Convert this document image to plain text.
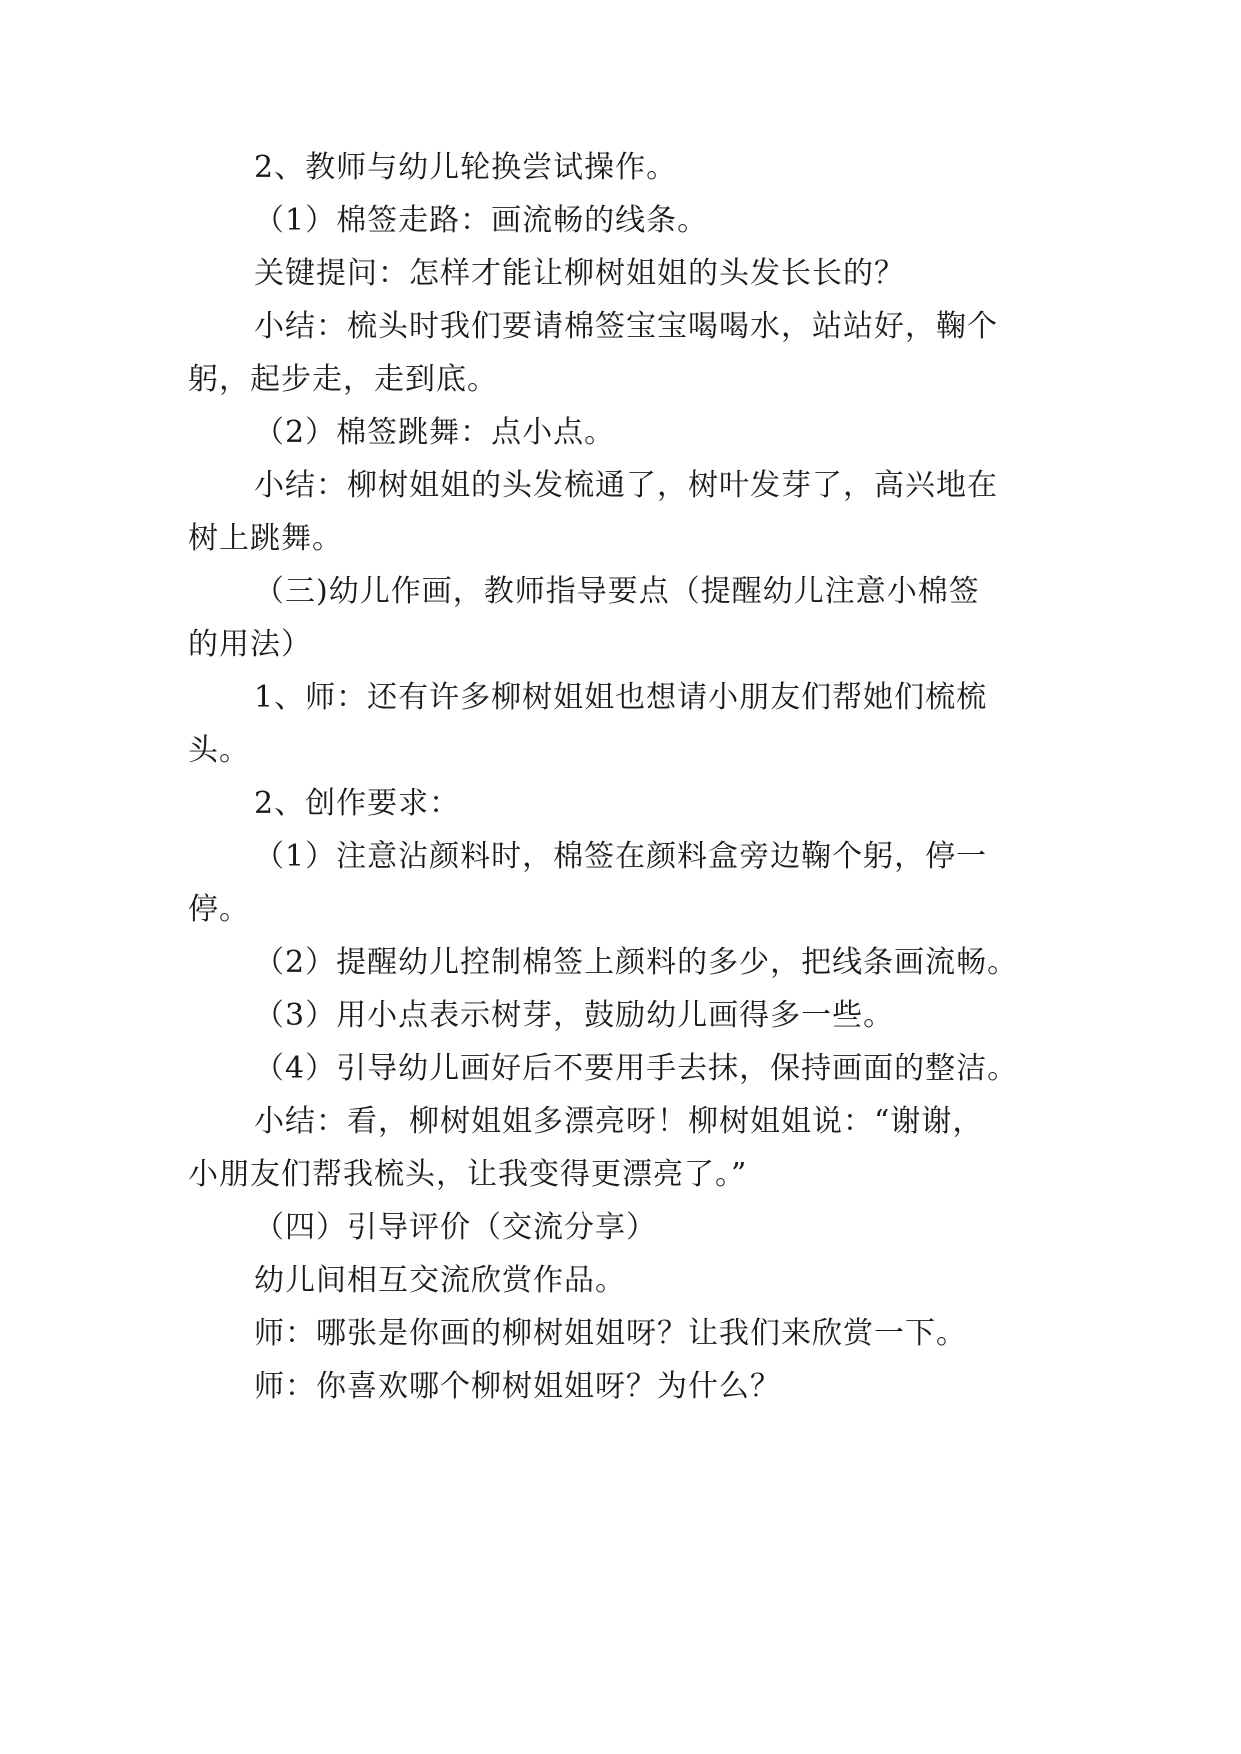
2、教师与幼儿轮换尝试操作。
（1）棉签走路：画流畅的线条。
关键提问：怎样才能让柳树姐姐的头发长长的？
小结：梳头时我们要请棉签宝宝喝喝水，站站好，鞠个
躬，起步走，走到底。
（2）棉签跳舞：点小点。
小结：柳树姐姐的头发梳通了，树叶发芽了，高兴地在
树上跳舞。
（三)幼儿作画，教师指导要点（提醒幼儿注意小棉签
的用法）
1、师：还有许多柳树姐姐也想请小朋友们帮她们梳梳
头。
2、创作要求：
（1）注意沾颜料时，棉签在颜料盒旁边鞠个躬，停一
停。
（2）提醒幼儿控制棉签上颜料的多少，把线条画流畅。
（3）用小点表示树芽，鼓励幼儿画得多一些。
（4）引导幼儿画好后不要用手去抹，保持画面的整洁。
小结：看，柳树姐姐多漂亮呀！柳树姐姐说：“谢谢，
小朋友们帮我梳头，让我变得更漂亮了。”
（四）引导评价（交流分享）
幼儿间相互交流欣赏作品。
师：哪张是你画的柳树姐姐呀？让我们来欣赏一下。
师：你喜欢哪个柳树姐姐呀？为什么？
